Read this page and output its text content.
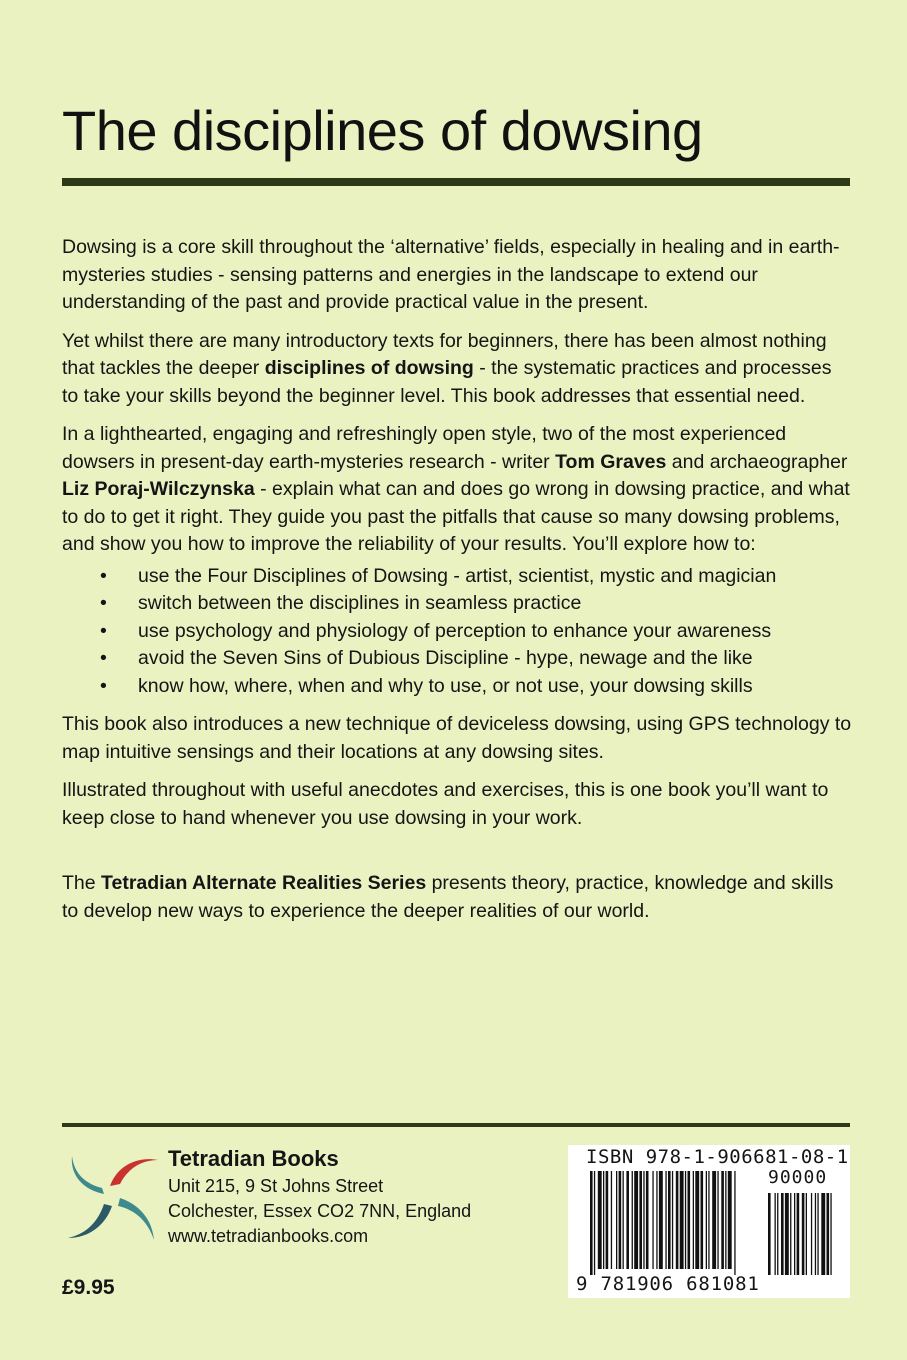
The disciplines of dowsing

Dowsing is a core skill throughout the ‘alternative’ fields, especially in healing and in earth-mysteries studies - sensing patterns and energies in the landscape to extend our understanding of the past and provide practical value in the present.

Yet whilst there are many introductory texts for beginners, there has been almost nothing that tackles the deeper disciplines of dowsing - the systematic practices and processes to take your skills beyond the beginner level. This book addresses that essential need.

In a lighthearted, engaging and refreshingly open style, two of the most experienced dowsers in present-day earth-mysteries research - writer Tom Graves and archaeographer Liz Poraj-Wilczynska - explain what can and does go wrong in dowsing practice, and what to do to get it right. They guide you past the pitfalls that cause so many dowsing problems, and show you how to improve the reliability of your results. You’ll explore how to:

• use the Four Disciplines of Dowsing - artist, scientist, mystic and magician
• switch between the disciplines in seamless practice
• use psychology and physiology of perception to enhance your awareness
• avoid the Seven Sins of Dubious Discipline - hype, newage and the like
• know how, where, when and why to use, or not use, your dowsing skills

This book also introduces a new technique of deviceless dowsing, using GPS technology to map intuitive sensings and their locations at any dowsing sites.

Illustrated throughout with useful anecdotes and exercises, this is one book you’ll want to keep close to hand whenever you use dowsing in your work.

The Tetradian Alternate Realities Series presents theory, practice, knowledge and skills to develop new ways to experience the deeper realities of our world.

Tetradian Books
Unit 215, 9 St Johns Street
Colchester, Essex CO2 7NN, England
www.tetradianbooks.com
£9.95
ISBN 978-1-906681-08-1
90000
9 781906 681081
